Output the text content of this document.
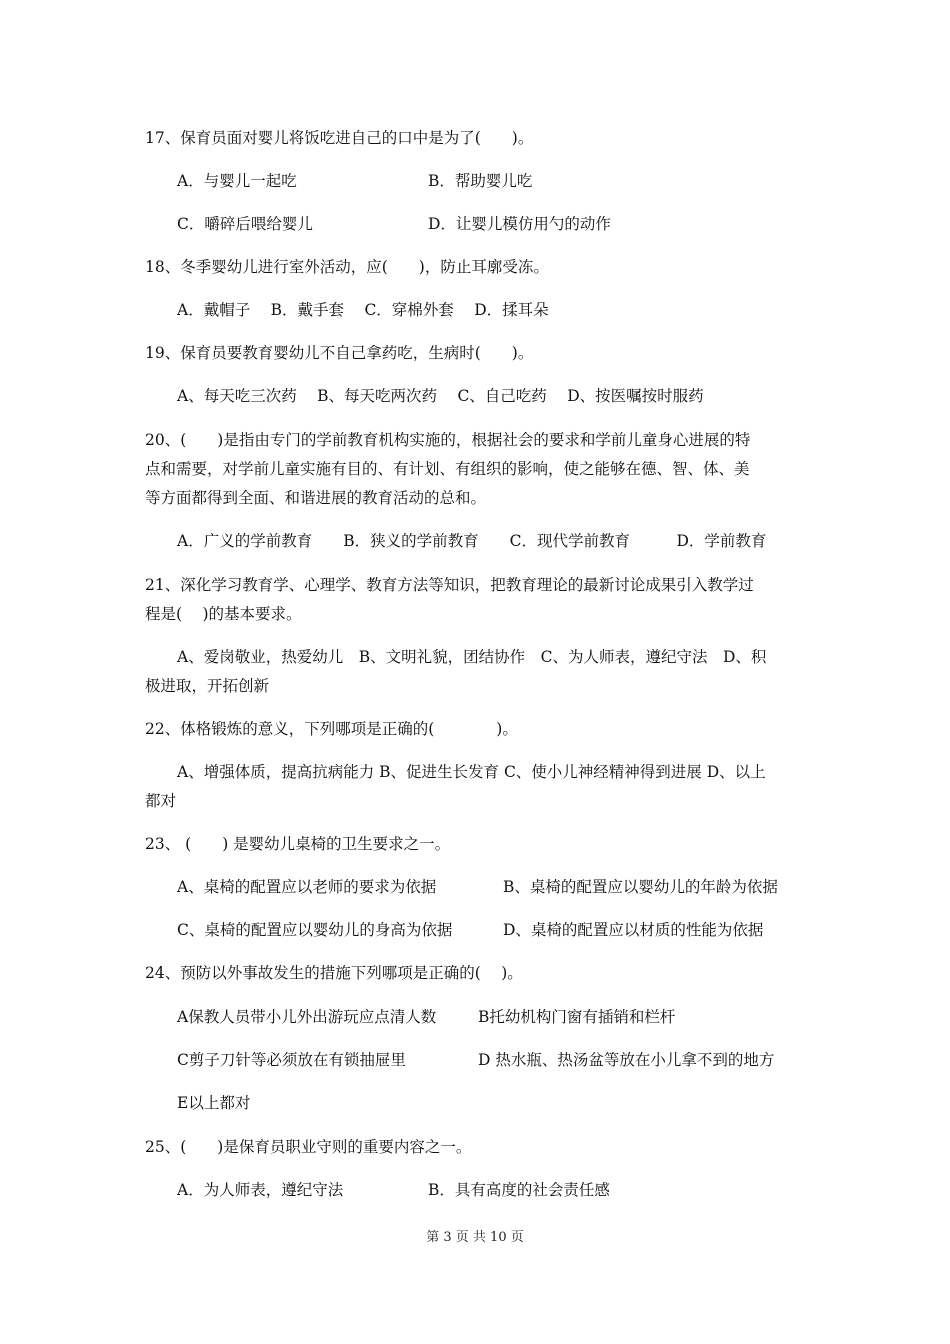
17、保育员面对婴儿将饭吃进自己的口中是为了(　　)。
A．与婴儿一起吃	B．帮助婴儿吃
C．嚼碎后喂给婴儿	D．让婴儿模仿用勺的动作
18、冬季婴幼儿进行室外活动，应(　　)，防止耳廓受冻。
A．戴帽子　 B．戴手套　 C．穿棉外套　 D．揉耳朵
19、保育员要教育婴幼儿不自己拿药吃，生病时(　　)。
A、每天吃三次药　 B、每天吃两次药　 C、自己吃药　 D、按医嘱按时服药
20、(　　)是指由专门的学前教育机构实施的，根据社会的要求和学前儿童身心进展的特
点和需要，对学前儿童实施有目的、有计划、有组织的影响，使之能够在德、智、体、美
等方面都得到全面、和谐进展的教育活动的总和。
A．广义的学前教育　　B．狭义的学前教育　　C．现代学前教育　　　D．学前教育
21、深化学习教育学、心理学、教育方法等知识，把教育理论的最新讨论成果引入教学过
程是(　 )的基本要求。
A、爱岗敬业，热爱幼儿　B、文明礼貌，团结协作　C、为人师表，遵纪守法　D、积
极进取，开拓创新
22、体格锻炼的意义，下列哪项是正确的(　　　　)。
A、增强体质，提高抗病能力 B、促进生长发育 C、使小儿神经精神得到进展 D、以上
都对
23、 (　　) 是婴幼儿桌椅的卫生要求之一。
A、桌椅的配置应以老师的要求为依据	B、桌椅的配置应以婴幼儿的年龄为依据
C、桌椅的配置应以婴幼儿的身高为依据	D、桌椅的配置应以材质的性能为依据
24、预防以外事故发生的措施下列哪项是正确的(　 )。
A保教人员带小儿外出游玩应点清人数	B托幼机构门窗有插销和栏杆
C剪子刀针等必须放在有锁抽屉里	D 热水瓶、热汤盆等放在小儿拿不到的地方
E以上都对
25、(　　)是保育员职业守则的重要内容之一。
A．为人师表，遵纪守法	B．具有高度的社会责任感
第 3 页 共 10 页
